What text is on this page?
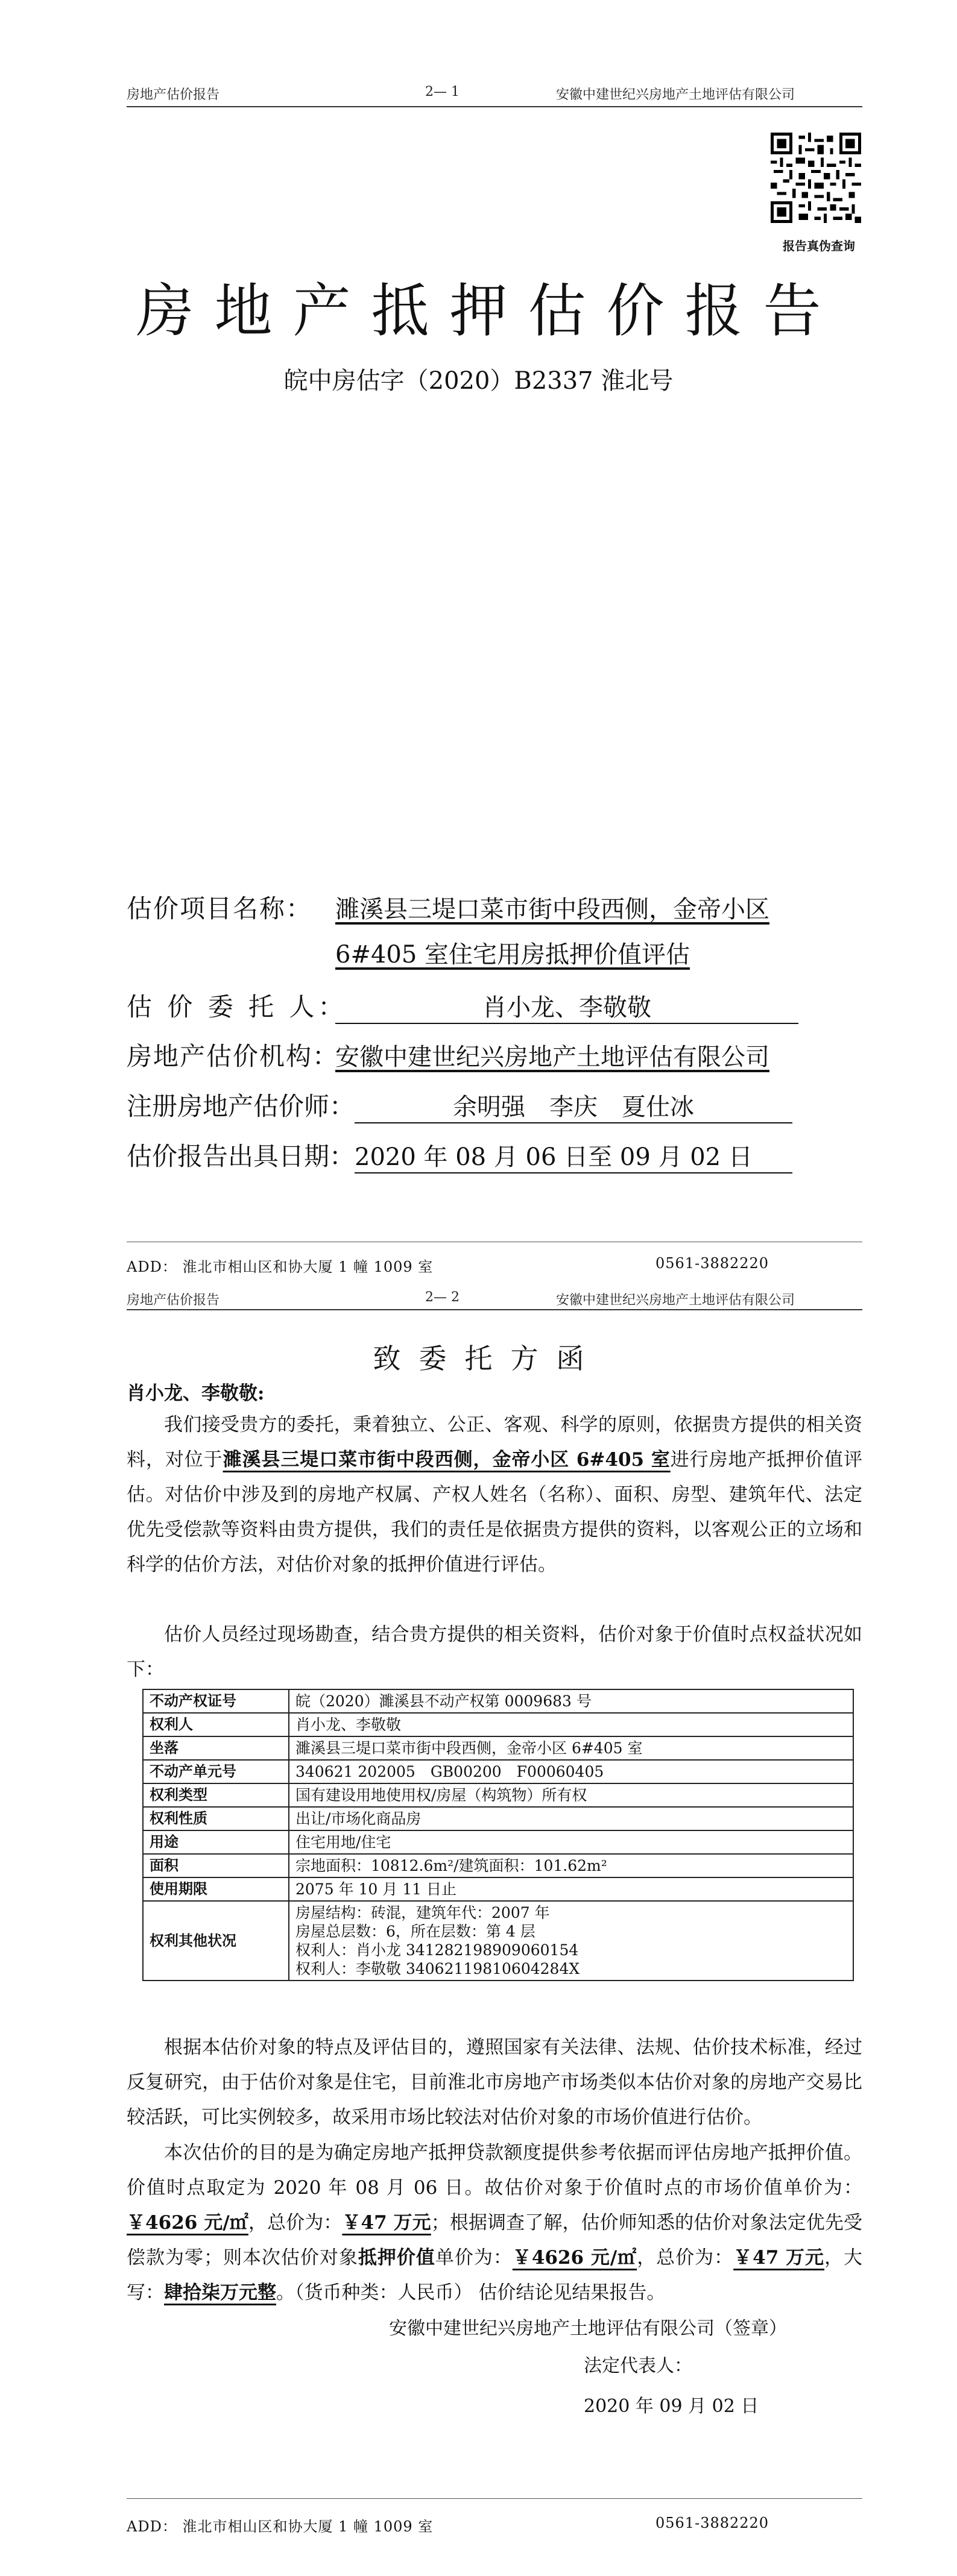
房地产估价报告	2— 1	安徽中建世纪兴房地产土地评估有限公司
报告真伪查询
房地产抵押估价报告
皖中房估字（2020）B2337 淮北号
估价项目名称： 濉溪县三堤口菜市街中段西侧，金帝小区
6#405 室住宅用房抵押价值评估
估 价 委 托 人：	肖小龙、李敬敬
房地产估价机构：
安徽中建世纪兴房地产土地评估有限公司
注册房地产估价师：	余明强　李庆　夏仕冰
估价报告出具日期： 2020 年 08 月 06 日至 09 月 02 日
ADD： 淮北市相山区和协大厦 1 幢 1009 室	0561-3882220
房地产估价报告	2— 2	安徽中建世纪兴房地产土地评估有限公司
致委托方函
肖小龙、李敬敬:
我们接受贵方的委托，秉着独立、公正、客观、科学的原则，依据贵方提供的相关资料，对位于濉溪县三堤口菜市街中段西侧，金帝小区 6#405 室进行房地产抵押价值评估。对估价中涉及到的房地产权属、产权人姓名（名称）、面积、房型、建筑年代、法定优先受偿款等资料由贵方提供，我们的责任是依据贵方提供的资料，以客观公正的立场和科学的估价方法，对估价对象的抵押价值进行评估。
估价人员经过现场勘查，结合贵方提供的相关资料，估价对象于价值时点权益状况如下：
不动产权证号	皖（2020）濉溪县不动产权第 0009683 号

权利人	肖小龙、李敬敬

坐落	濉溪县三堤口菜市街中段西侧，金帝小区 6#405 室

不动产单元号	340621 202005　GB00200　F00060405

权利类型	国有建设用地使用权/房屋（构筑物）所有权

权利性质	出让/市场化商品房

用途	住宅用地/住宅

面积	宗地面积：10812.6m²/建筑面积：101.62m²

使用期限	2075 年 10 月 11 日止

权利其他状况	房屋结构：砖混，建筑年代：2007 年
房屋总层数：6，所在层数：第 4 层
权利人：肖小龙 341282198909060154
权利人：李敬敬 340621198106042​84X
根据本估价对象的特点及评估目的，遵照国家有关法律、法规、估价技术标准，经过反复研究，由于估价对象是住宅，目前淮北市房地产市场类似本估价对象的房地产交易比较活跃，可比实例较多，故采用市场比较法对估价对象的市场价值进行估价。
本次估价的目的是为确定房地产抵押贷款额度提供参考依据而评估房地产抵押价值。价值时点取定为 2020 年 08 月 06 日。故估价对象于价值时点的市场价值单价为：￥4626 元/㎡，总价为：￥47 万元；根据调查了解，估价师知悉的估价对象法定优先受偿款为零；则本次估价对象抵押价值单价为：￥4626 元/㎡，总价为：￥47 万元，大写：肆拾柒万元整。（货币种类：人民币） 估价结论见结果报告。
安徽中建世纪兴房地产土地评估有限公司（签章）
法定代表人：
2020 年 09 月 02 日
ADD： 淮北市相山区和协大厦 1 幢 1009 室	0561-3882220
